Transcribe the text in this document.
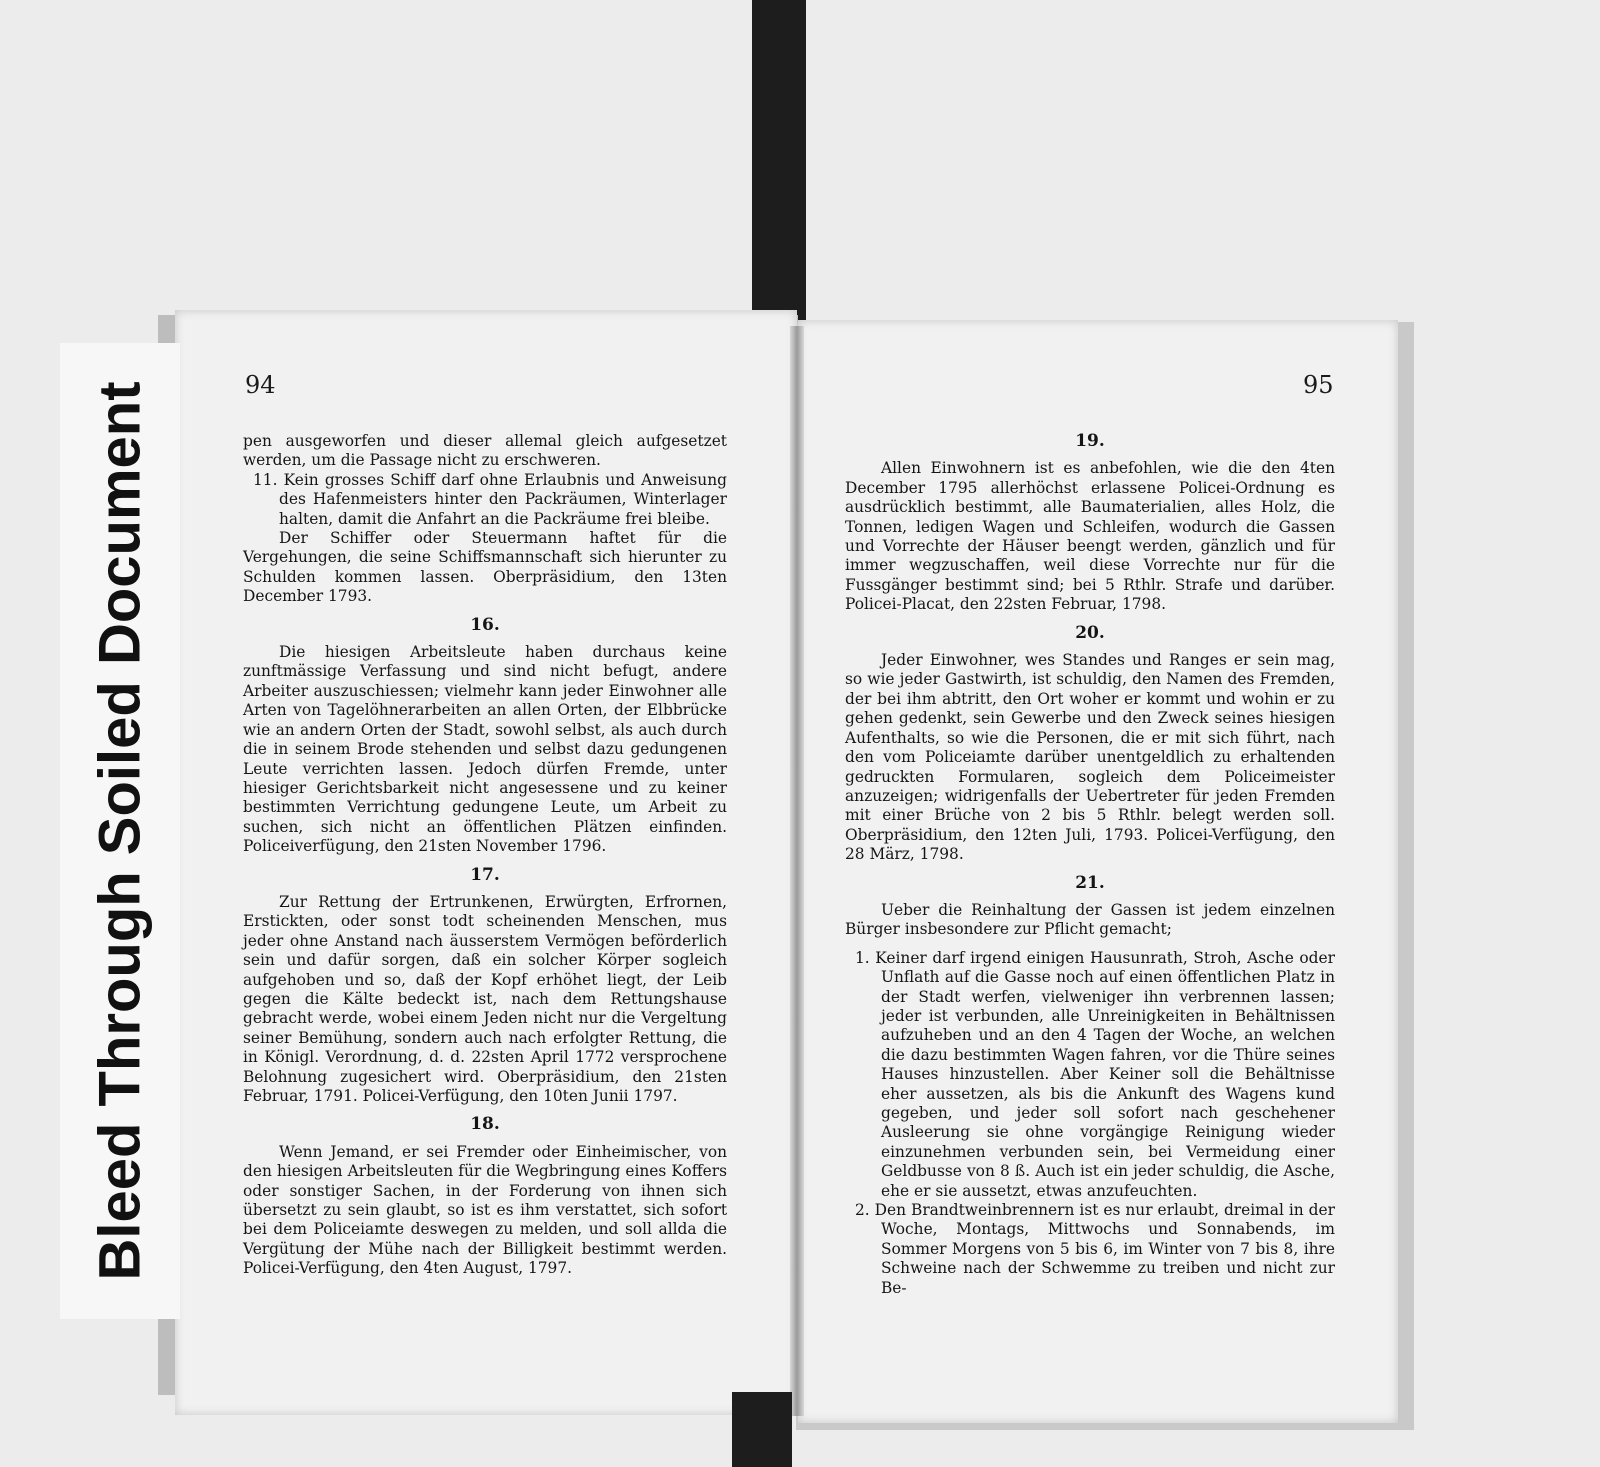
Bleed Through Soiled Document	94	95

pen ausgeworfen und dieser allemal gleich aufgesetzet werden, um die Passage nicht zu erschweren.

11. Kein grosses Schiff darf ohne Erlaubnis und Anweisung des Hafenmeisters hinter den Packräumen, Winterlager halten, damit die Anfahrt an die Packräume frei bleibe.

Der Schiffer oder Steuermann haftet für die Vergehungen, die seine Schiffsmannschaft sich hierunter zu Schulden kommen lassen. Oberpräsidium, den 13ten December 1793.

16.

Die hiesigen Arbeitsleute haben durchaus keine zunftmässige Verfassung und sind nicht befugt, andere Arbeiter auszuschiessen; vielmehr kann jeder Einwohner alle Arten von Tagelöhnerarbeiten an allen Orten, der Elbbrücke wie an andern Orten der Stadt, sowohl selbst, als auch durch die in seinem Brode stehenden und selbst dazu gedungenen Leute verrichten lassen. Jedoch dürfen Fremde, unter hiesiger Gerichtsbarkeit nicht angesessene und zu keiner bestimmten Verrichtung gedungene Leute, um Arbeit zu suchen, sich nicht an öffentlichen Plätzen einfinden. Policeiverfügung, den 21sten November 1796.

17.

Zur Rettung der Ertrunkenen, Erwürgten, Erfrornen, Erstickten, oder sonst todt scheinenden Menschen, mus jeder ohne Anstand nach äusserstem Vermögen beförderlich sein und dafür sorgen, daß ein solcher Körper sogleich aufgehoben und so, daß der Kopf erhöhet liegt, der Leib gegen die Kälte bedeckt ist, nach dem Rettungshause gebracht werde, wobei einem Jeden nicht nur die Vergeltung seiner Bemühung, sondern auch nach erfolgter Rettung, die in Königl. Verordnung, d. d. 22sten April 1772 versprochene Belohnung zugesichert wird. Oberpräsidium, den 21sten Februar, 1791. Policei-Verfügung, den 10ten Junii 1797.

18.

Wenn Jemand, er sei Fremder oder Einheimischer, von den hiesigen Arbeitsleuten für die Wegbringung eines Koffers oder sonstiger Sachen, in der Forderung von ihnen sich übersetzt zu sein glaubt, so ist es ihm verstattet, sich sofort bei dem Policeiamte deswegen zu melden, und soll allda die Vergütung der Mühe nach der Billigkeit bestimmt werden. Policei-Verfügung, den 4ten August, 1797.

19.

Allen Einwohnern ist es anbefohlen, wie die den 4ten December 1795 allerhöchst erlassene Policei-Ordnung es ausdrücklich bestimmt, alle Baumaterialien, alles Holz, die Tonnen, ledigen Wagen und Schleifen, wodurch die Gassen und Vorrechte der Häuser beengt werden, gänzlich und für immer wegzuschaffen, weil diese Vorrechte nur für die Fussgänger bestimmt sind; bei 5 Rthlr. Strafe und darüber. Policei-Placat, den 22sten Februar, 1798.

20.

Jeder Einwohner, wes Standes und Ranges er sein mag, so wie jeder Gastwirth, ist schuldig, den Namen des Fremden, der bei ihm abtritt, den Ort woher er kommt und wohin er zu gehen gedenkt, sein Gewerbe und den Zweck seines hiesigen Aufenthalts, so wie die Personen, die er mit sich führt, nach den vom Policeiamte darüber unentgeldlich zu erhaltenden gedruckten Formularen, sogleich dem Policeimeister anzuzeigen; widrigenfalls der Uebertreter für jeden Fremden mit einer Brüche von 2 bis 5 Rthlr. belegt werden soll. Oberpräsidium, den 12ten Juli, 1793. Policei-Verfügung, den 28 März, 1798.

21.

Ueber die Reinhaltung der Gassen ist jedem einzelnen Bürger insbesondere zur Pflicht gemacht;

1. Keiner darf irgend einigen Hausunrath, Stroh, Asche oder Unflath auf die Gasse noch auf einen öffentlichen Platz in der Stadt werfen, vielweniger ihn verbrennen lassen; jeder ist verbunden, alle Unreinigkeiten in Behältnissen aufzuheben und an den 4 Tagen der Woche, an welchen die dazu bestimmten Wagen fahren, vor die Thüre seines Hauses hinzustellen. Aber Keiner soll die Behältnisse eher aussetzen, als bis die Ankunft des Wagens kund gegeben, und jeder soll sofort nach geschehener Ausleerung sie ohne vorgängige Reinigung wieder einzunehmen verbunden sein, bei Vermeidung einer Geldbusse von 8 ß. Auch ist ein jeder schuldig, die Asche, ehe er sie aussetzt, etwas anzufeuchten.

2. Den Brandtweinbrennern ist es nur erlaubt, dreimal in der Woche, Montags, Mittwochs und Sonnabends, im Sommer Morgens von 5 bis 6, im Winter von 7 bis 8, ihre Schweine nach der Schwemme zu treiben und nicht zur Be-
